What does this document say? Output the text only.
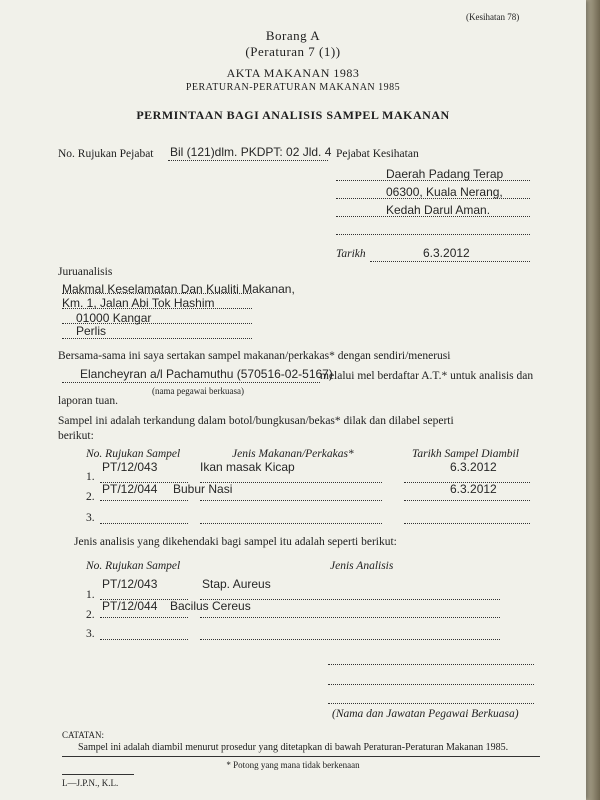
(Kesihatan 78)
Borang A
(Peraturan 7 (1))
AKTA MAKANAN 1983
PERATURAN-PERATURAN MAKANAN 1985
PERMINTAAN BAGI ANALISIS SAMPEL MAKANAN
No. Rujukan Pejabat Bil (121)dlm. PKDPT: 02 Jld. 4 Pejabat Kesihatan
Daerah Padang Terap
06300, Kuala Nerang,
Kedah Darul Aman.
Tarikh	6.3.2012
Juruanalisis
Makmal Keselamatan Dan Kualiti Makanan,
Km. 1, Jalan Abi Tok Hashim
01000 Kangar
Perlis
Bersama-sama ini saya sertakan sampel makanan/perkakas* dengan sendiri/menerusi
Elancheyran a/l Pachamuthu (570516-02-5167)
melalui mel berdaftar A.T.* untuk analisis dan
(nama pegawai berkuasa)
laporan tuan.
Sampel ini adalah terkandung dalam botol/bungkusan/bekas* dilak dan dilabel seperti
berikut:
No. Rujukan Sampel	Jenis Makanan/Perkakas*	Tarikh Sampel Diambil
1.
PT/12/043	Ikan masak Kicap	6.3.2012
2.
PT/12/044 Bubur Nasi	6.3.2012
3.
Jenis analisis yang dikehendaki bagi sampel itu adalah seperti berikut:
No. Rujukan Sampel	Jenis Analisis
1.
PT/12/043	Stap. Aureus
2.
PT/12/044 Bacilus Cereus
3.
(Nama dan Jawatan Pegawai Berkuasa)
CATATAN:
Sampel ini adalah diambil menurut prosedur yang ditetapkan di bawah Peraturan-Peraturan Makanan 1985.
* Potong yang mana tidak berkenaan
L—J.P.N., K.L.
